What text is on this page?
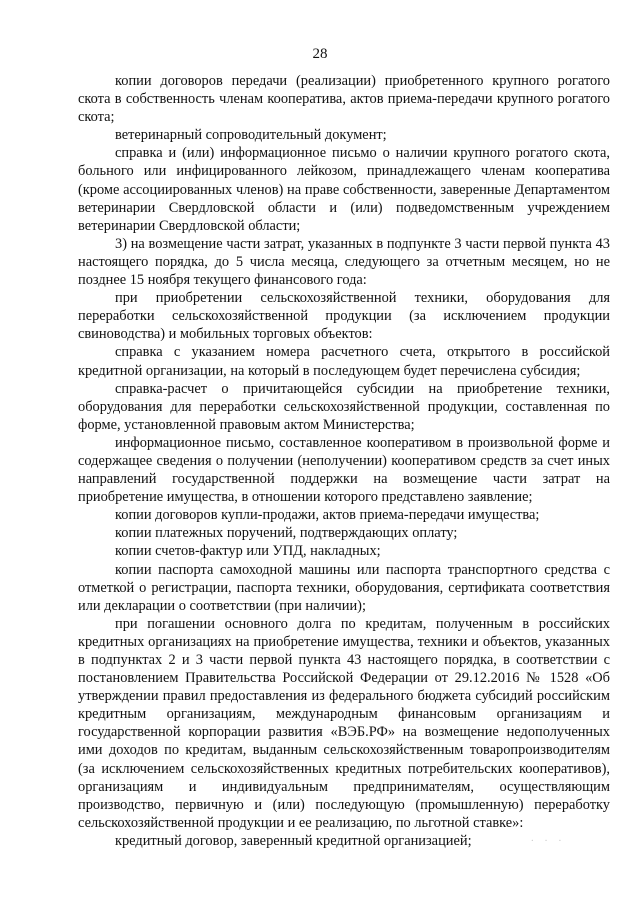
28

копии договоров передачи (реализации) приобретенного крупного рогатого скота в собственность членам кооператива, актов приема-передачи крупного рогатого скота;

ветеринарный сопроводительный документ;

справка и (или) информационное письмо о наличии крупного рогатого скота, больного или инфицированного лейкозом, принадлежащего членам кооператива (кроме ассоциированных членов) на праве собственности, заверенные Департаментом ветеринарии Свердловской области и (или) подведомственным учреждением ветеринарии Свердловской области;

3) на возмещение части затрат, указанных в подпункте 3 части первой пункта 43 настоящего порядка, до 5 числа месяца, следующего за отчетным месяцем, но не позднее 15 ноября текущего финансового года:

при приобретении сельскохозяйственной техники, оборудования для переработки сельскохозяйственной продукции (за исключением продукции свиноводства) и мобильных торговых объектов:

справка с указанием номера расчетного счета, открытого в российской кредитной организации, на который в последующем будет перечислена субсидия;

справка-расчет о причитающейся субсидии на приобретение техники, оборудования для переработки сельскохозяйственной продукции, составленная по форме, установленной правовым актом Министерства;

информационное письмо, составленное кооперативом в произвольной форме и содержащее сведения о получении (неполучении) кооперативом средств за счет иных направлений государственной поддержки на возмещение части затрат на приобретение имущества, в отношении которого представлено заявление;

копии договоров купли-продажи, актов приема-передачи имущества;

копии платежных поручений, подтверждающих оплату;

копии счетов-фактур или УПД, накладных;

копии паспорта самоходной машины или паспорта транспортного средства с отметкой о регистрации, паспорта техники, оборудования, сертификата соответствия или декларации о соответствии (при наличии);

при погашении основного долга по кредитам, полученным в российских кредитных организациях на приобретение имущества, техники и объектов, указанных в подпунктах 2 и 3 части первой пункта 43 настоящего порядка, в соответствии с постановлением Правительства Российской Федерации от 29.12.2016 № 1528 «Об утверждении правил предоставления из федерального бюджета субсидий российским кредитным организациям, международным финансовым организациям и государственной корпорации развития «ВЭБ.РФ» на возмещение недополученных ими доходов по кредитам, выданным сельскохозяйственным товаропроизводителям (за исключением сельскохозяйственных кредитных потребительских кооперативов), организациям и индивидуальным предпринимателям, осуществляющим производство, первичную и (или) последующую (промышленную) переработку сельскохозяйственной продукции и ее реализацию, по льготной ставке»:

кредитный договор, заверенный кредитной организацией;	· · ·
